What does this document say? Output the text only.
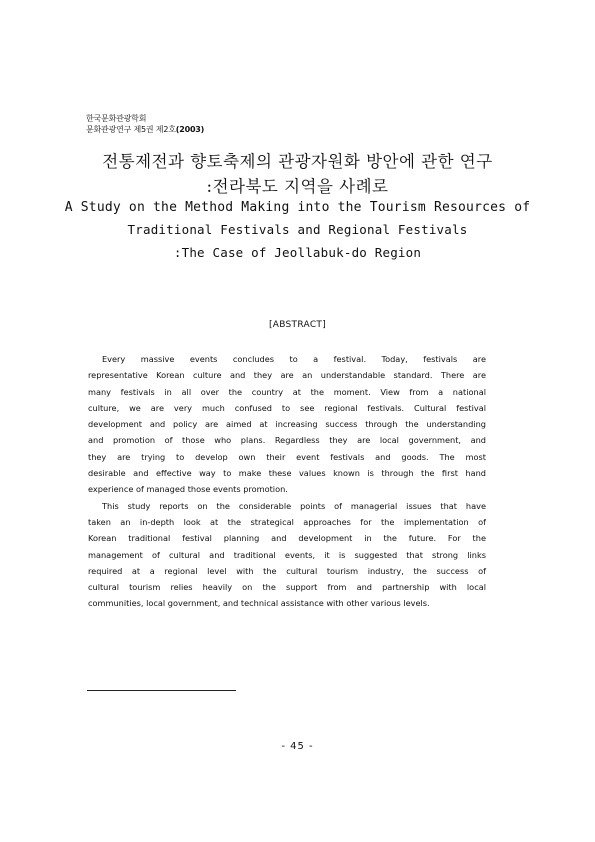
한국문화관광학회
문화관광연구 제5권 제2호(2003)
전통제전과 향토축제의 관광자원화 방안에 관한 연구
:전라북도 지역을 사례로
A Study on the Method Making into the Tourism Resources of
Traditional Festivals and Regional Festivals
:The Case of Jeollabuk-do Region
[ABSTRACT]

Every massive events concludes to a festival. Today, festivals are

representative Korean culture and they are an understandable standard. There are

many festivals in all over the country at the moment. View from a national

culture, we are very much confused to see regional festivals. Cultural festival

development and policy are aimed at increasing success through the understanding

and promotion of those who plans. Regardless they are local government, and

they are trying to develop own their event festivals and goods. The most

desirable and effective way to make these values known is through the first hand

experience of managed those events promotion.

This study reports on the considerable points of managerial issues that have

taken an in-depth look at the strategical approaches for the implementation of

Korean traditional festival planning and development in the future. For the

management of cultural and traditional events, it is suggested that strong links

required at a regional level with the cultural tourism industry, the success of

cultural tourism relies heavily on the support from and partnership with local

communities, local government, and technical assistance with other various levels.

- 45 -
